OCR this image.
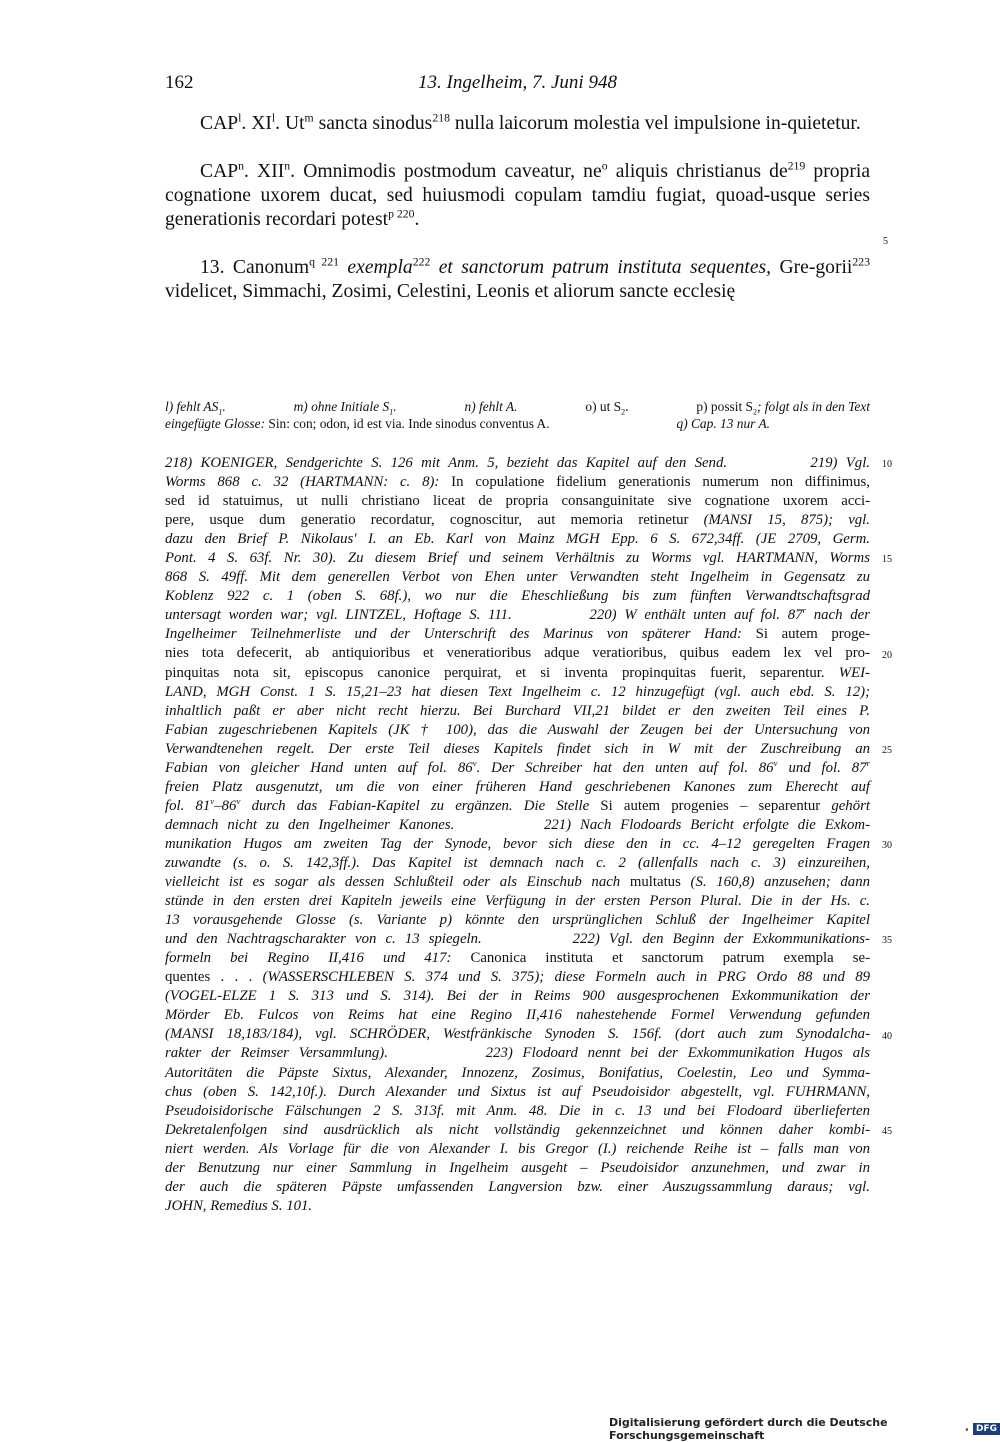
162	13. Ingelheim, 7. Juni 948

CAP$^l$. $XI^l$. Ut$^m$ sancta sinodus$^{218}$ nulla laicorum molestia vel impulsione in-quietetur.

CAP$^n$. XII$^n$. Omnimodis postmodum caveatur, $ne^o$ aliquis christianus $de^{219}$ propria cognatione uxorem ducat, sed huiusmodi copulam tamdiu fugiat, quoad-usque series generationis recordari potest$^{p 220}$.

13. Canonum$^{q 221}$ exempla$^{222}$ et sanctorum patrum instituta sequentes, Gre-gorii$^{223}$ videlicet, Simmachi, Zosimi, Celestini, Leonis et aliorum sancte ecclesię

5
l) fehlt $AS_1$.	m) ohne Initiale $S_1$.	n) fehlt A.	o) ut $S_2$.	p) possit $S_2$; folgt als in den Text
eingefügte Glosse: Sin: con; odon, id est via. Inde sinodus conventus A.	q) Cap. 13 nur A.
218) KOENIGER, Sendgerichte S. 126 mit Anm. 5, bezieht das Kapitel auf den Send.	219) Vgl.
Worms 868 c. 32 (HARTMANN: c. 8): In copulatione fidelium generationis numerum non diffinimus,
sed id statuimus, ut nulli christiano liceat de propria consanguinitate sive cognatione uxorem acci-
pere, usque dum generatio recordatur, cognoscitur, aut memoria retinetur (MANSI 15, 875); vgl.
dazu den Brief P. Nikolaus' I. an Eb. Karl von Mainz MGH Epp. 6 S. 672,34ff. (JE 2709, Germ.
Pont. 4 S. 63f. Nr. 30). Zu diesem Brief und seinem Verhältnis zu Worms vgl. HARTMANN, Worms
868 S. 49ff. Mit dem generellen Verbot von Ehen unter Verwandten steht Ingelheim in Gegensatz zu
Koblenz 922 c. 1 (oben S. 68f.), wo nur die Eheschließung bis zum fünften Verwandtschaftsgrad
untersagt worden war; vgl. LINTZEL, Hoftage S. 111.	220) W enthält unten auf fol. 87$^r$ nach der
Ingelheimer Teilnehmerliste und der Unterschrift des Marinus von späterer Hand: Si autem proge-
nies tota defecerit, ab antiquioribus et veneratioribus adque veratioribus, quibus eadem lex vel pro-
pinquitas nota sit, episcopus canonice perquirat, et si inventa propinquitas fuerit, separentur. WEI-
LAND, MGH Const. 1 S. 15,21–23 hat diesen Text Ingelheim c. 12 hinzugefügt (vgl. auch ebd. S. 12);
inhaltlich paßt er aber nicht recht hierzu. Bei Burchard VII,21 bildet er den zweiten Teil eines P.
Fabian zugeschriebenen Kapitels (JK † 100), das die Auswahl der Zeugen bei der Untersuchung von
Verwandtenehen regelt. Der erste Teil dieses Kapitels findet sich in W mit der Zuschreibung an
Fabian von gleicher Hand unten auf fol. 86$^v$. Der Schreiber hat den unten auf fol. 86$^v$ und fol. 87$^r$
freien Platz ausgenutzt, um die von einer früheren Hand geschriebenen Kanones zum Eherecht auf
fol. 81$^v$–86$^v$ durch das Fabian-Kapitel zu ergänzen. Die Stelle Si autem progenies – separentur gehört
demnach nicht zu den Ingelheimer Kanones.	221) Nach Flodoards Bericht erfolgte die Exkom-
munikation Hugos am zweiten Tag der Synode, bevor sich diese den in cc. 4–12 geregelten Fragen
zuwandte (s. o. S. 142,3ff.). Das Kapitel ist demnach nach c. 2 (allenfalls nach c. 3) einzureihen,
vielleicht ist es sogar als dessen Schlußteil oder als Einschub nach multatus (S. 160,8) anzusehen; dann
stünde in den ersten drei Kapiteln jeweils eine Verfügung in der ersten Person Plural. Die in der Hs. c.
13 vorausgehende Glosse (s. Variante p) könnte den ursprünglichen Schluß der Ingelheimer Kapitel
und den Nachtragscharakter von c. 13 spiegeln.	222) Vgl. den Beginn der Exkommunikations-
formeln bei Regino II,416 und 417: Canonica instituta et sanctorum patrum exempla se-
quentes . . . (WASSERSCHLEBEN S. 374 und S. 375); diese Formeln auch in PRG Ordo 88 und 89
(VOGEL-ELZE 1 S. 313 und S. 314). Bei der in Reims 900 ausgesprochenen Exkommunikation der
Mörder Eb. Fulcos von Reims hat eine Regino II,416 nahestehende Formel Verwendung gefunden
(MANSI 18,183/184), vgl. SCHRÖDER, Westfränkische Synoden S. 156f. (dort auch zum Synodalcha-
rakter der Reimser Versammlung).	223) Flodoard nennt bei der Exkommunikation Hugos als
Autoritäten die Päpste Sixtus, Alexander, Innozenz, Zosimus, Bonifatius, Coelestin, Leo und Symma-
chus (oben S. 142,10f.). Durch Alexander und Sixtus ist auf Pseudoisidor abgestellt, vgl. FUHRMANN,
Pseudoisidorische Fälschungen 2 S. 313f. mit Anm. 48. Die in c. 13 und bei Flodoard überlieferten
Dekretalenfolgen sind ausdrücklich als nicht vollständig gekennzeichnet und können daher kombi-
niert werden. Als Vorlage für die von Alexander I. bis Gregor (I.) reichende Reihe ist – falls man von
der Benutzung nur einer Sammlung in Ingelheim ausgeht – Pseudoisidor anzunehmen, und zwar in
der auch die späteren Päpste umfassenden Langversion bzw. einer Auszugssammlung daraus; vgl.
JOHN, Remedius S. 101.
10
15
20
25
30
35
40
45
Digitalisierung gefördert durch die Deutsche Forschungsgemeinschaft	· DFG
